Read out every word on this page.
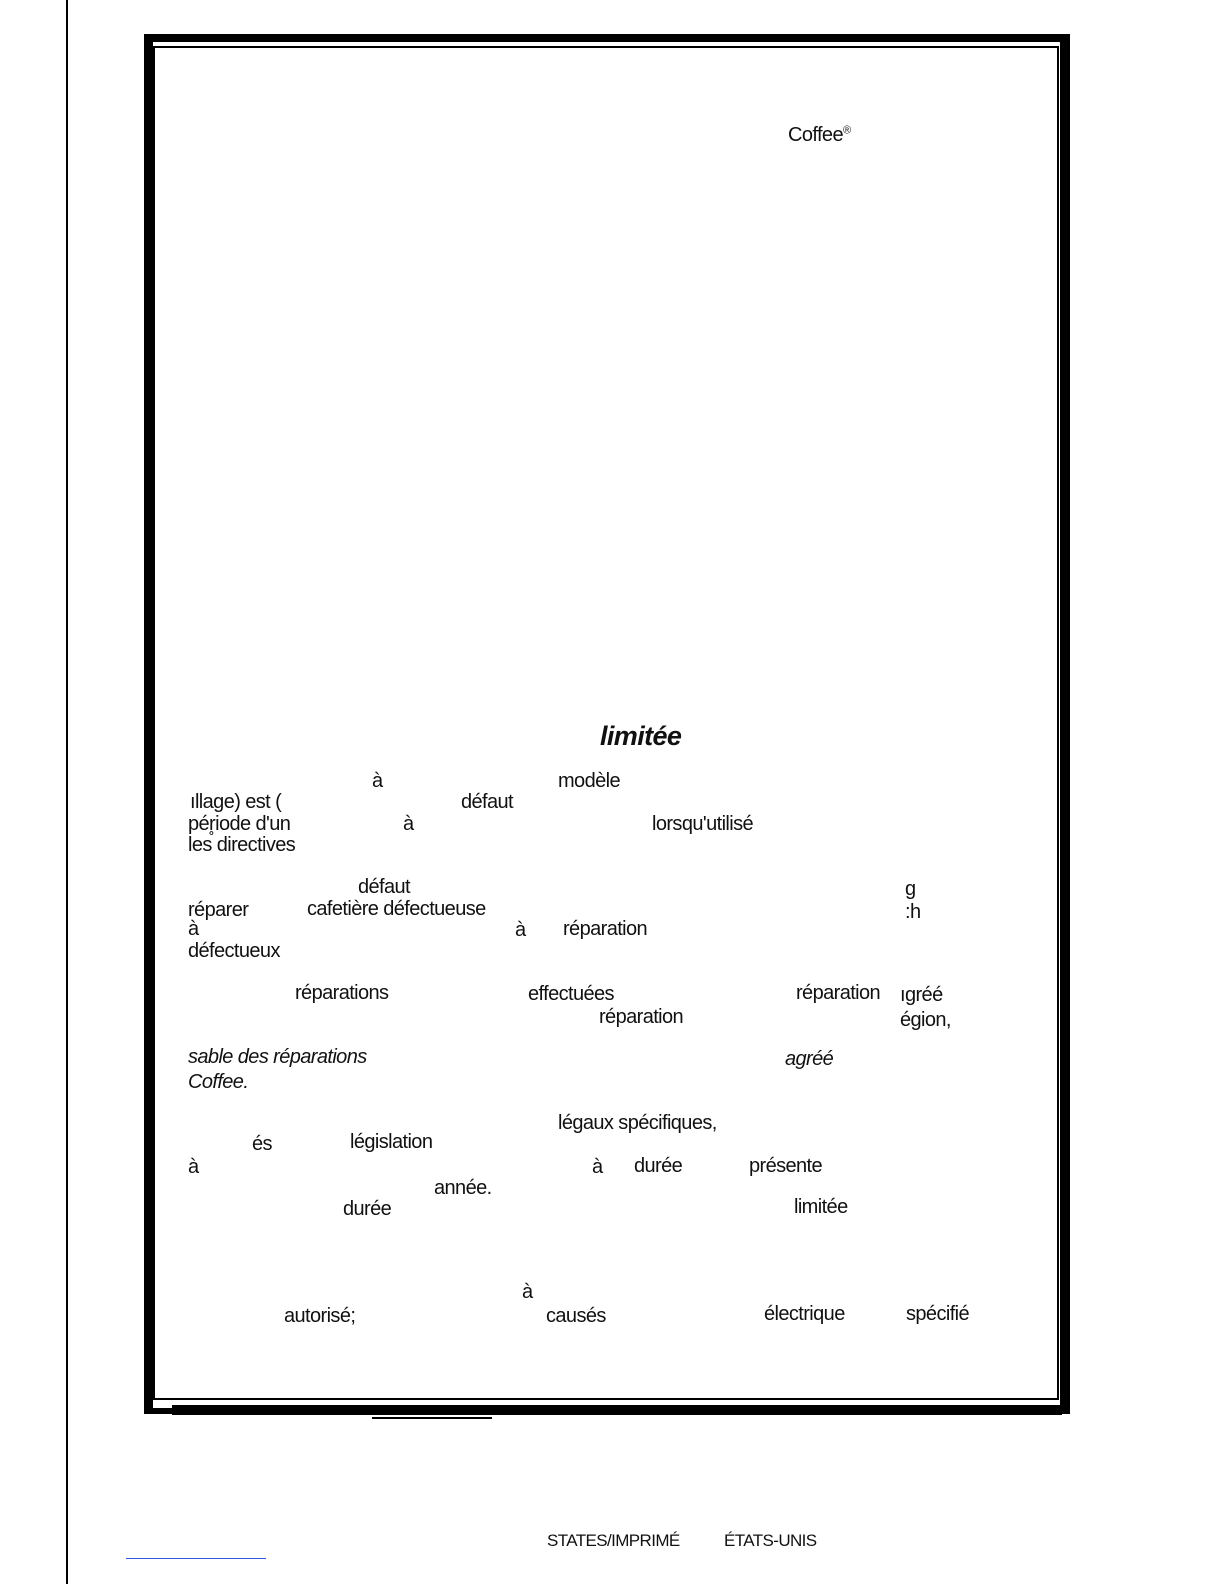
Coffee®
limitée
à	modèle
ıllage) est (	défaut
pér̥iode d'un	à	lorsqu'utilisé
les directives
défaut	g
réparer	cafetière défectueuse	:h
à	à réparation
défectueux
réparations	effectuées	réparation ıgréé
réparation	égion,
sable des réparations	agréé
Coffee.
légaux spécifiques,
és	législation
à	à durée	présente
année.
durée	limitée
à
autorisé;	causés	électrique	spécifié
STATES/IMPRIMÉ	ÉTATS-UNIS
